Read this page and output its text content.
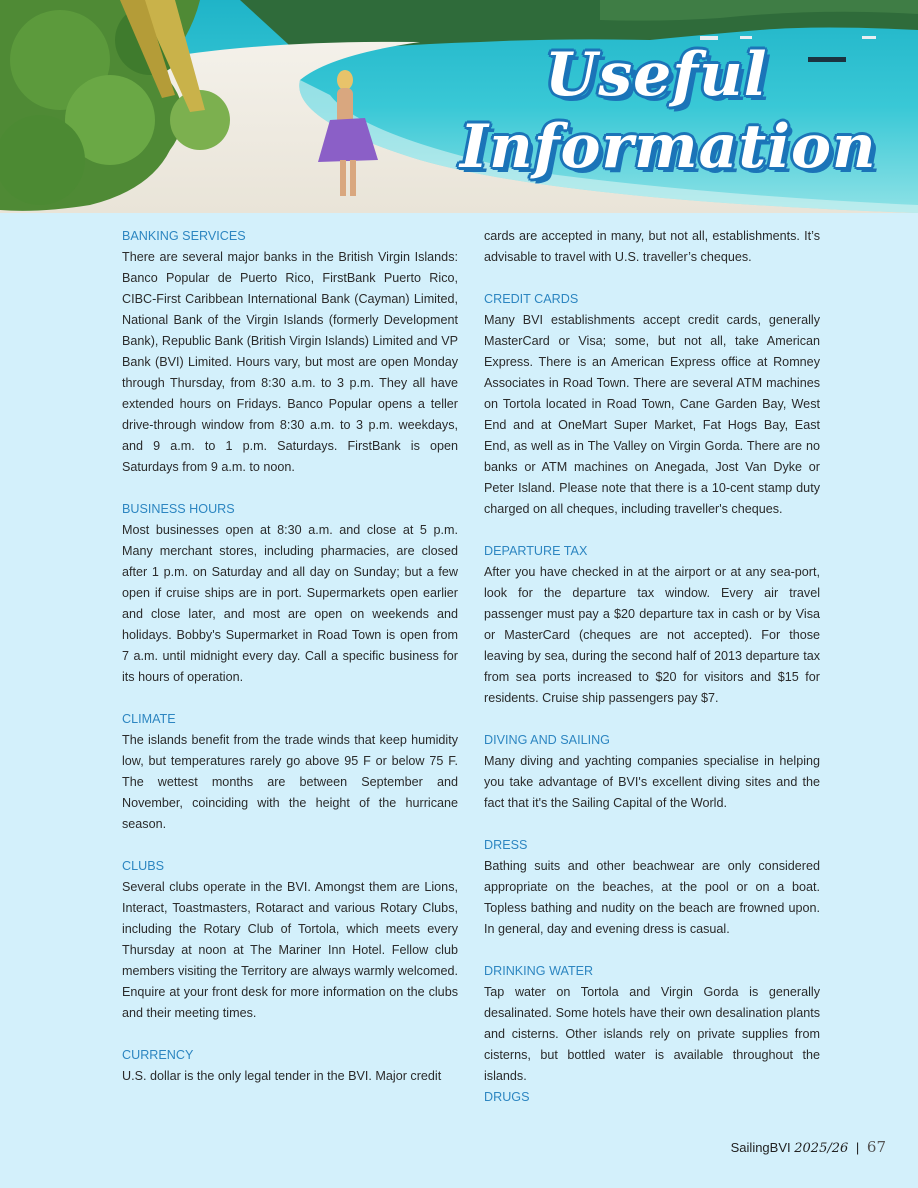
Useful
Information

BANKING SERVICES

There are several major banks in the British Virgin Islands: Banco Popular de Puerto Rico, FirstBank Puerto Rico, CIBC-First Caribbean International Bank (Cayman) Limited, National Bank of the Virgin Islands (formerly Development Bank), Republic Bank (British Virgin Islands) Limited and VP Bank (BVI) Limited. Hours vary, but most are open Monday through Thursday, from 8:30 a.m. to 3 p.m. They all have extended hours on Fridays. Banco Popular opens a teller drive-through window from 8:30 a.m. to 3 p.m. weekdays, and 9 a.m. to 1 p.m. Saturdays. FirstBank is open Saturdays from 9 a.m. to noon.

BUSINESS HOURS

Most businesses open at 8:30 a.m. and close at 5 p.m. Many merchant stores, including pharmacies, are closed after 1 p.m. on Saturday and all day on Sunday; but a few open if cruise ships are in port. Supermarkets open earlier and close later, and most are open on weekends and holidays. Bobby's Supermarket in Road Town is open from 7 a.m. until midnight every day. Call a specific business for its hours of operation.

CLIMATE

The islands benefit from the trade winds that keep humidity low, but temperatures rarely go above 95 F or below 75 F. The wettest months are between September and November, coinciding with the height of the hurricane season.

CLUBS

Several clubs operate in the BVI. Amongst them are Lions, Interact, Toastmasters, Rotaract and various Rotary Clubs, including the Rotary Club of Tortola, which meets every Thursday at noon at The Mariner Inn Hotel. Fellow club members visiting the Territory are always warmly welcomed. Enquire at your front desk for more information on the clubs and their meeting times.

CURRENCY

U.S. dollar is the only legal tender in the BVI. Major credit

cards are accepted in many, but not all, establishments. It’s advisable to travel with U.S. traveller’s cheques.

CREDIT CARDS

Many BVI establishments accept credit cards, generally MasterCard or Visa; some, but not all, take American Express. There is an American Express office at Romney Associates in Road Town. There are several ATM machines on Tortola located in Road Town, Cane Garden Bay, West End and at OneMart Super Market, Fat Hogs Bay, East End, as well as in The Valley on Virgin Gorda. There are no banks or ATM machines on Anegada, Jost Van Dyke or Peter Island. Please note that there is a 10-cent stamp duty charged on all cheques, including traveller's cheques.

DEPARTURE TAX

After you have checked in at the airport or at any sea-port, look for the departure tax window. Every air travel passenger must pay a $20 departure tax in cash or by Visa or MasterCard (cheques are not accepted). For those leaving by sea, during the second half of 2013 departure tax from sea ports increased to $20 for visitors and $15 for residents. Cruise ship passengers pay $7.

DIVING AND SAILING

Many diving and yachting companies specialise in helping you take advantage of BVI's excellent diving sites and the fact that it's the Sailing Capital of the World.

DRESS

Bathing suits and other beachwear are only considered appropriate on the beaches, at the pool or on a boat. Topless bathing and nudity on the beach are frowned upon. In general, day and evening dress is casual.

DRINKING WATER

Tap water on Tortola and Virgin Gorda is generally desalinated. Some hotels have their own desalination plants and cisterns. Other islands rely on private supplies from cisterns, but bottled water is available throughout the islands.

DRUGS

SailingBVI 2025/26 | 67
